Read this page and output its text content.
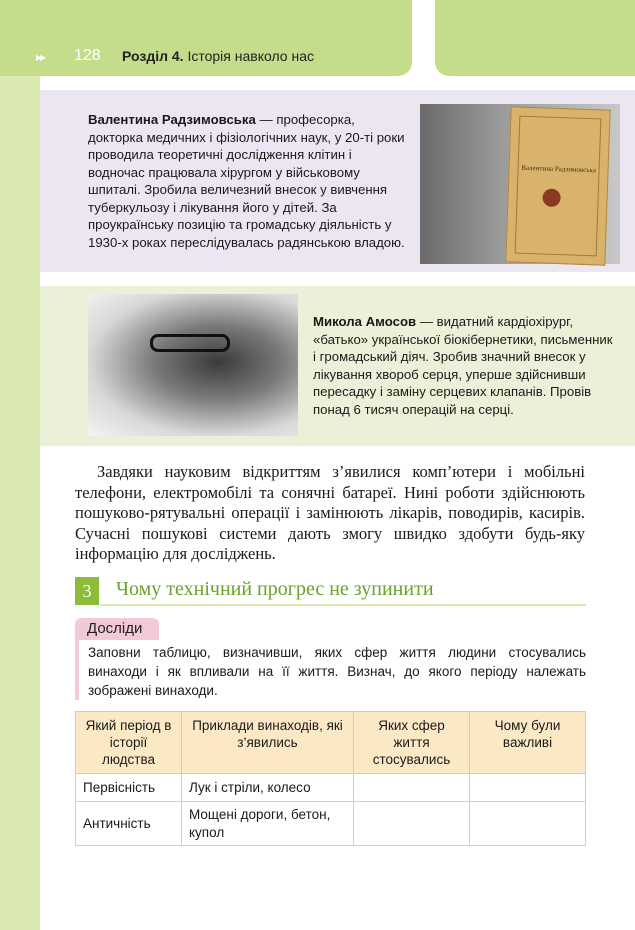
▸▸ 128 Розділ 4. Історія навколо нас

Валентина Радзимовська — професорка, докторка медичних і фізіологічних наук, у 20-ті роки проводила теоретичні дослідження клітин і водночас працювала хірургом у військовому шпиталі. Зробила величезний внесок у вивчення туберкульозу і лікування його у дітей. За проукраїнську позицію та громадську діяльність у 1930-х роках переслідувалась радянською владою.

Валентина Радзимовська

Микола Амосов — видатний кардіохірург, «батько» української біокібернетики, письменник і громадський діяч. Зробив значний внесок у лікування хвороб серця, уперше здійснивши пересадку і заміну серцевих клапанів. Провів понад 6 тисяч операцій на серці.

Завдяки науковим відкриттям з’явилися комп’ютери і мобільні телефони, електромобілі та сонячні батареї. Нині роботи здійснюють пошуково-рятувальні операції і замінюють лікарів, поводирів, касирів. Сучасні пошукові системи дають змогу швидко здобути будь-яку інформацію для досліджень.

3	Чому технічний прогрес не зупинити
Досліди

Заповни таблицю, визначивши, яких сфер життя людини стосувались винаходи і як впливали на її життя. Визнач, до якого періоду належать зображені винаходи.

Який період в історії людства	Приклади винаходів, які з’явились	Яких сфер життя стосувались	Чому були важливі
Первісність	Лук і стріли, колесо		
Античність	Мощені дороги, бетон, купол		
